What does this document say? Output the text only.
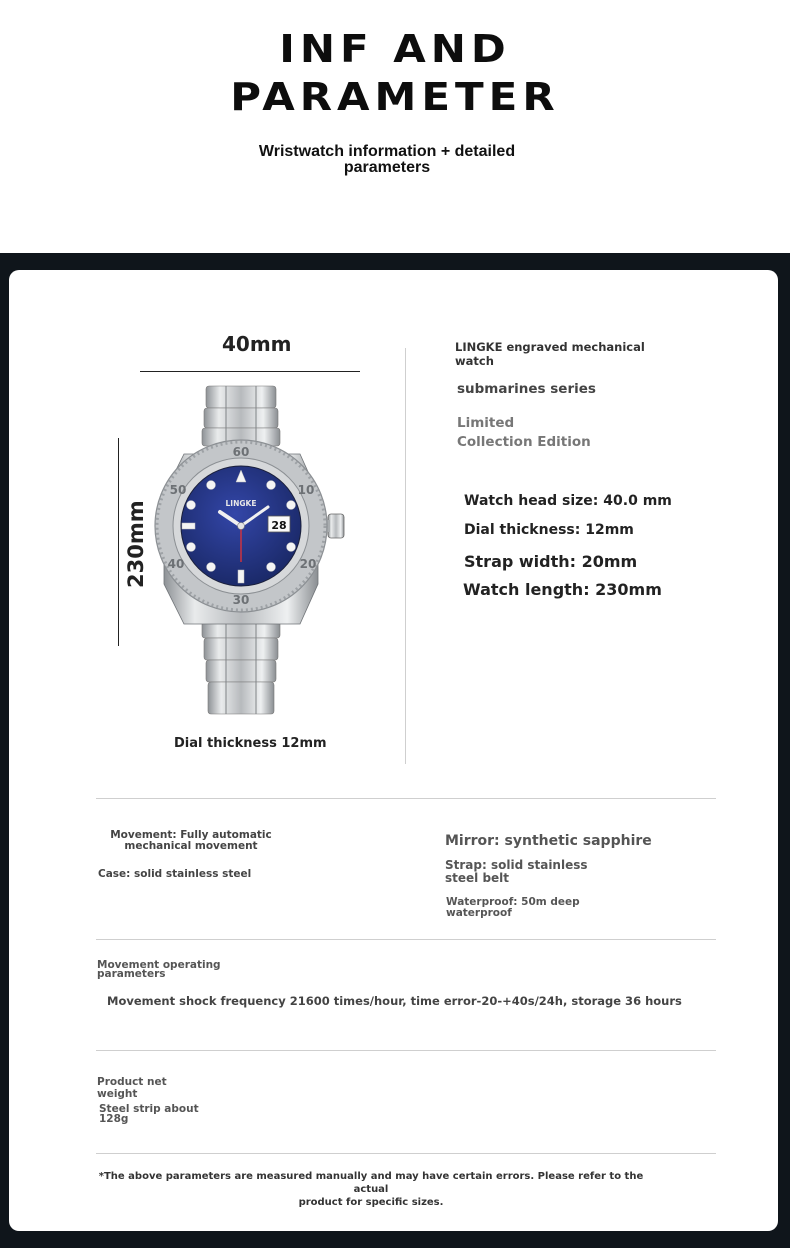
INF AND
PARAMETER
Wristwatch information + detailed
parameters
40mm
230mm
60
10
20
30
40
50
28
LINGKE
Dial thickness 12mm
LINGKE engraved mechanical
watch
submarines series
Limited
Collection Edition
Watch head size: 40.0 mm
Dial thickness: 12mm
Strap width: 20mm
Watch length: 230mm
Movement: Fully automatic
mechanical movement
Case: solid stainless steel
Mirror: synthetic sapphire
Strap: solid stainless
steel belt
Waterproof: 50m deep
waterproof
Movement operating
parameters
Movement shock frequency 21600 times/hour, time error-20-+40s/24h, storage 36 hours
Product net
weight
Steel strip about
128g
*The above parameters are measured manually and may have certain errors. Please refer to the actual
product for specific sizes.
